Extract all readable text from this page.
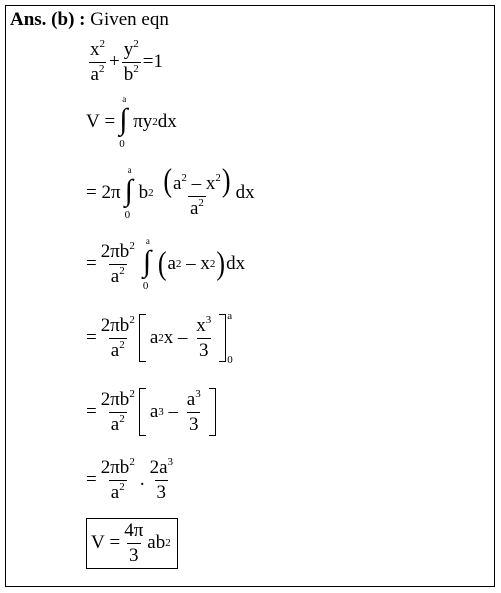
Ans. (b) : Given eqn
$\frac{x^2}{a^2} + \frac{y^2}{b^2} = 1$
V
=
a
∫
0
π y 2 dx
=
2π
a
∫
0
b 2
$\frac{(a^2 - x^2)}{a^2}$ dx
= $\frac{2\pi b^2}{a^2}$
a
∫
0
( a 2
–
x 2 ) dx
= $\frac{2\pi b^2}{a^2}$ a 2 x
–
$\frac{x^3}{3}$ a
0
= $\frac{2\pi b^2}{a^2}$ a 3
–
$\frac{a^3}{3}$
= $\frac{2\pi b^2}{a^2}$ . $\frac{2a^3}{3}$
V
= $\frac{4\pi}{3}$ ab 2
